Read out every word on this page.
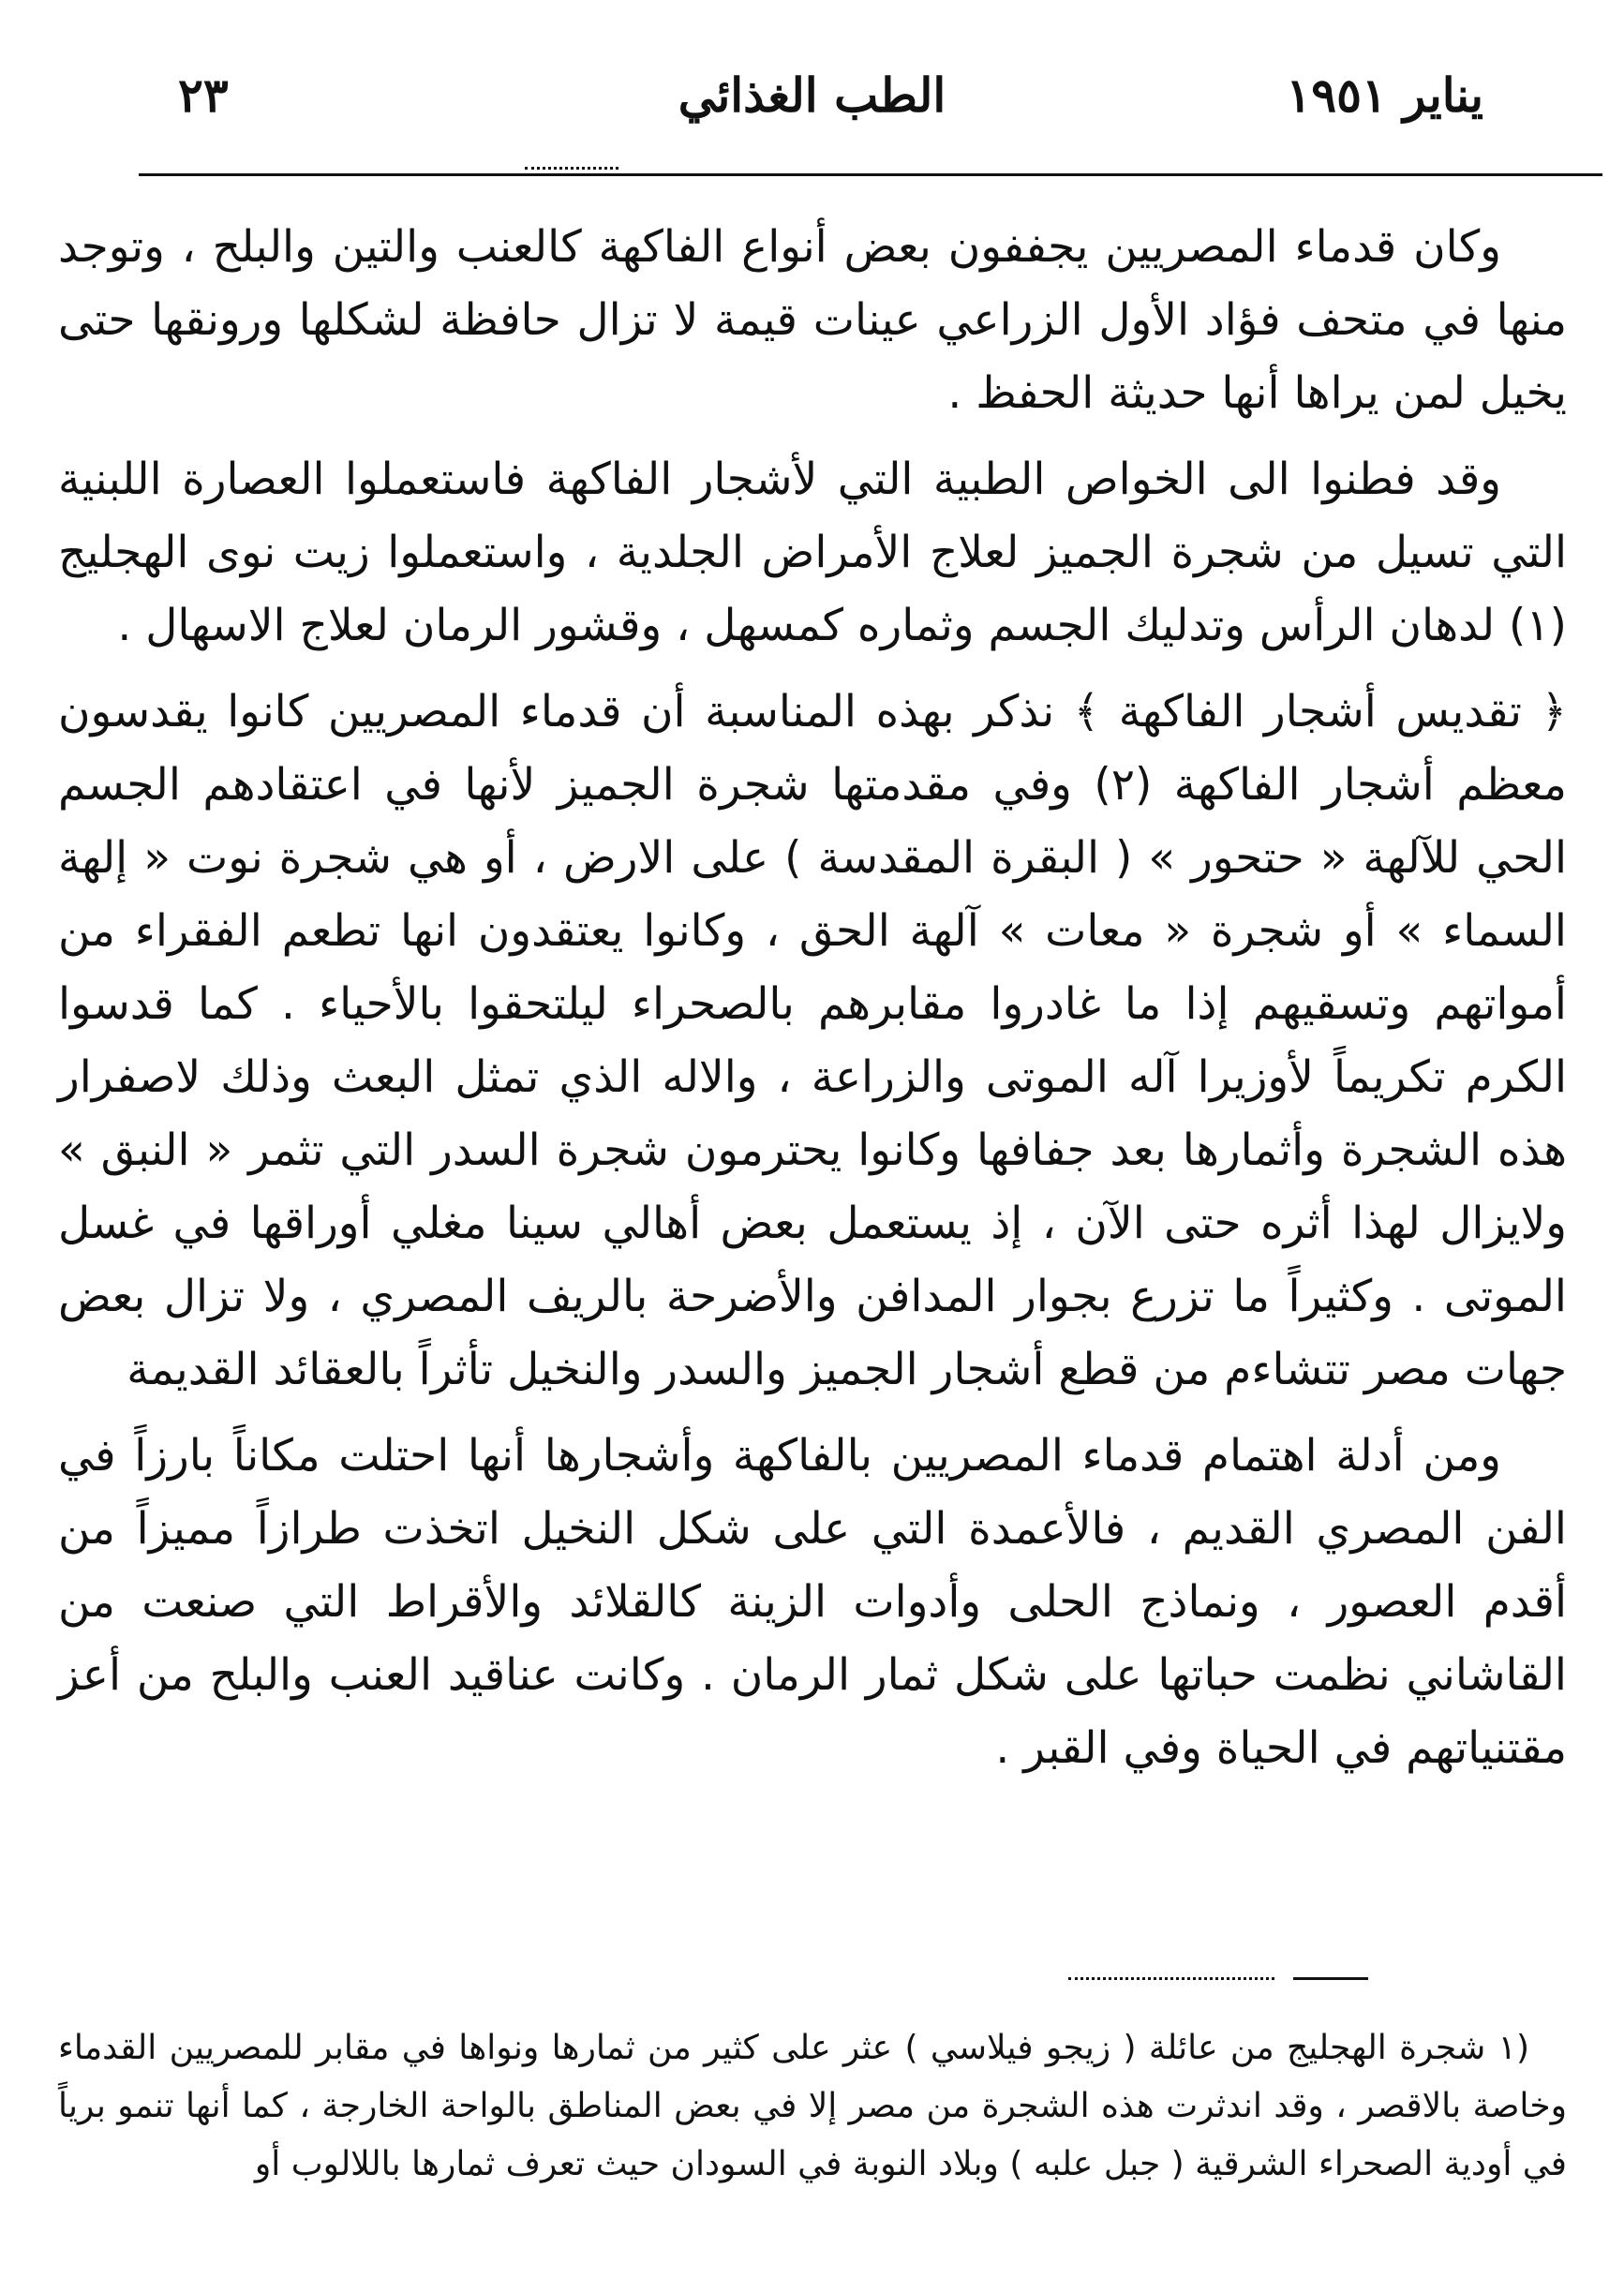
يناير ١٩٥١
الطب الغذائي
٢٣

وكان قدماء المصريين يجففون بعض أنواع الفاكهة كالعنب والتين والبلح ، وتوجد منها في متحف فؤاد الأول الزراعي عينات قيمة لا تزال حافظة لشكلها ورونقها حتى يخيل لمن يراها أنها حديثة الحفظ .

وقد فطنوا الى الخواص الطبية التي لأشجار الفاكهة فاستعملوا العصارة اللبنية التي تسيل من شجرة الجميز لعلاج الأمراض الجلدية ، واستعملوا زيت نوى الهجليج (١) لدهان الرأس وتدليك الجسم وثماره كمسهل ، وقشور الرمان لعلاج الاسهال .

﴿ تقديس أشجار الفاكهة ﴾ نذكر بهذه المناسبة أن قدماء المصريين كانوا يقدسون معظم أشجار الفاكهة (٢) وفي مقدمتها شجرة الجميز لأنها في اعتقادهم الجسم الحي للآلهة « حتحور » ( البقرة المقدسة ) على الارض ، أو هي شجرة نوت « إلهة السماء » أو شجرة « معات » آلهة الحق ، وكانوا يعتقدون انها تطعم الفقراء من أمواتهم وتسقيهم إذا ما غادروا مقابرهم بالصحراء ليلتحقوا بالأحياء . كما قدسوا الكرم تكريماً لأوزيرا آله الموتى والزراعة ، والاله الذي تمثل البعث وذلك لاصفرار هذه الشجرة وأثمارها بعد جفافها وكانوا يحترمون شجرة السدر التي تثمر « النبق » ولايزال لهذا أثره حتى الآن ، إذ يستعمل بعض أهالي سينا مغلي أوراقها في غسل الموتى . وكثيراً ما تزرع بجوار المدافن والأضرحة بالريف المصري ، ولا تزال بعض جهات مصر تتشاءم من قطع أشجار الجميز والسدر والنخيل تأثراً بالعقائد القديمة

ومن أدلة اهتمام قدماء المصريين بالفاكهة وأشجارها أنها احتلت مكاناً بارزاً في الفن المصري القديم ، فالأعمدة التي على شكل النخيل اتخذت طرازاً مميزاً من أقدم العصور ، ونماذج الحلى وأدوات الزينة كالقلائد والأقراط التي صنعت من القاشاني نظمت حباتها على شكل ثمار الرمان . وكانت عناقيد العنب والبلح من أعز مقتنياتهم في الحياة وفي القبر .

(١ شجرة الهجليج من عائلة ( زيجو فيلاسي ) عثر على كثير من ثمارها ونواها في مقابر للمصريين القدماء وخاصة بالاقصر ، وقد اندثرت هذه الشجرة من مصر إلا في بعض المناطق بالواحة الخارجة ، كما أنها تنمو برياً في أودية الصحراء الشرقية ( جبل علبه ) وبلاد النوبة في السودان حيث تعرف ثمارها باللالوب أو
